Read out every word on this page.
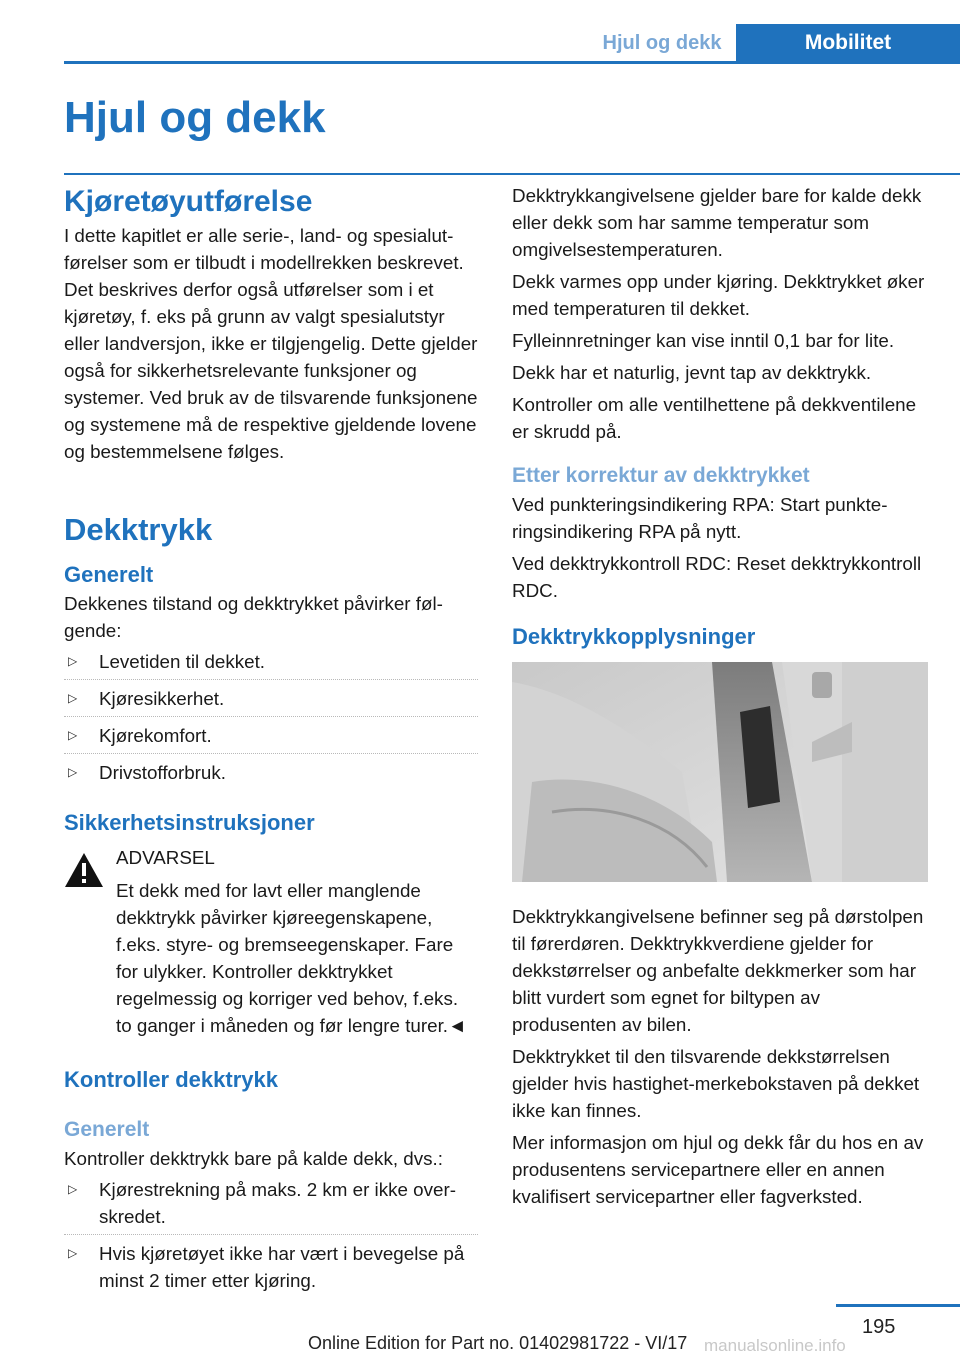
Hjul og dekk	Mobilitet
Hjul og dekk
Kjøretøyutførelse

I dette kapitlet er alle serie-, land- og spesialutførelser som er tilbudt i modellrekken beskrevet. Det beskrives derfor også utførelser som i et kjøretøy, f. eks på grunn av valgt spesialutstyr eller landversjon, ikke er tilgjengelig. Dette gjelder også for sikkerhetsrelevante funksjoner og systemer. Ved bruk av de tilsvarende funksjonene og systemene må de respektive gjeldende lovene og bestemmelsene følges.

Dekktrykk
Generelt

Dekkenes tilstand og dekktrykket påvirker følgende:

▷ Levetiden til dekket.
▷ Kjøresikkerhet.
▷ Kjørekomfort.
▷ Drivstofforbruk.
Sikkerhetsinstruksjoner

ADVARSEL

Et dekk med for lavt eller manglende

dekktrykk påvirker kjøreegenskapene, f.eks. styre- og bremseegenskaper. Fare for ulykker. Kontroller dekktrykket regelmessig og korriger ved behov, f.eks. to ganger i måneden og før lengre turer.◄

Kontroller dekktrykk
Generelt

Kontroller dekktrykk bare på kalde dekk, dvs.:

▷ Kjørestrekning på maks. 2 km er ikke overskredet.
▷ Hvis kjøretøyet ikke har vært i bevegelse på minst 2 timer etter kjøring.

Dekktrykkangivelsene gjelder bare for kalde dekk eller dekk som har samme temperatur som omgivelsestemperaturen.

Dekk varmes opp under kjøring. Dekktrykket øker med temperaturen til dekket.

Fylleinnretninger kan vise inntil 0,1 bar for lite.

Dekk har et naturlig, jevnt tap av dekktrykk.

Kontroller om alle ventilhettene på dekkventilene er skrudd på.

Etter korrektur av dekktrykket

Ved punkteringsindikering RPA: Start punkteringsindikering RPA på nytt.

Ved dekktrykkontroll RDC: Reset dekktrykkontroll RDC.

Dekktrykkopplysninger

Dekktrykkangivelsene befinner seg på dørstolpen til førerdøren. Dekktrykkverdiene gjelder for dekkstørrelser og anbefalte dekkmerker som har blitt vurdert som egnet for biltypen av produsenten av bilen.

Dekktrykket til den tilsvarende dekkstørrelsen gjelder hvis hastighet-merkebokstaven på dekket ikke kan finnes.

Mer informasjon om hjul og dekk får du hos en av produsentens servicepartnere eller en annen kvalifisert servicepartner eller fagverksted.

195
Online Edition for Part no. 01402981722 - VI/17 manualsonline.info
